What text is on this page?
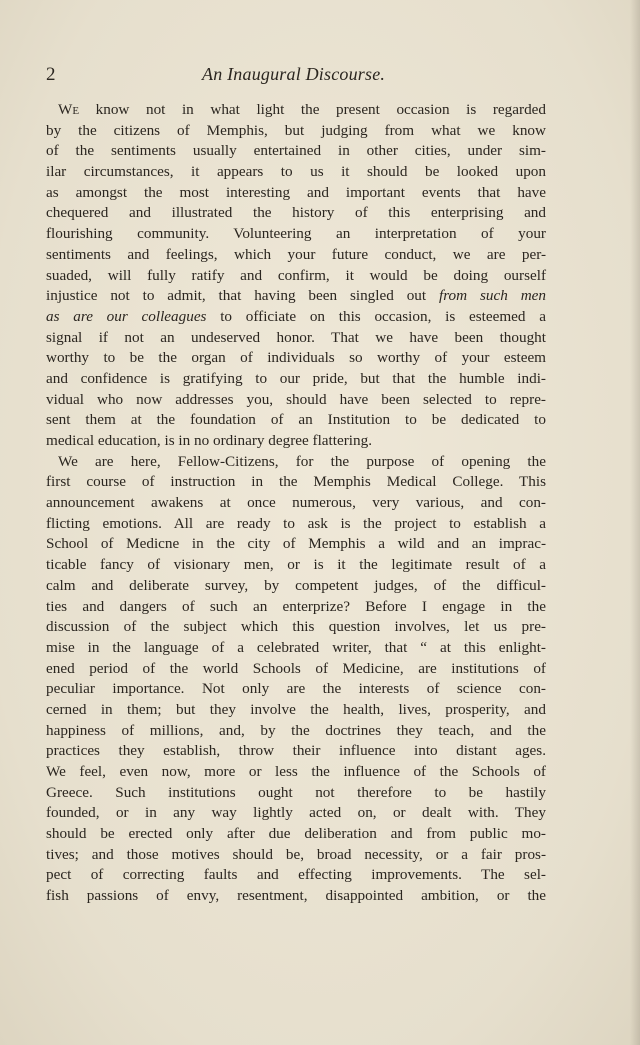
2	An Inaugural Discourse.
We know not in what light the present occasion is regarded
by the citizens of Memphis, but judging from what we know
of the sentiments usually entertained in other cities, under sim-
ilar circumstances, it appears to us it should be looked upon
as amongst the most interesting and important events that have
chequered and illustrated the history of this enterprising and
flourishing community. Volunteering an interpretation of your
sentiments and feelings, which your future conduct, we are per-
suaded, will fully ratify and confirm, it would be doing ourself
injustice not to admit, that having been singled out from such men
as are our colleagues to officiate on this occasion, is esteemed a
signal if not an undeserved honor. That we have been thought
worthy to be the organ of individuals so worthy of your esteem
and confidence is gratifying to our pride, but that the humble indi-
vidual who now addresses you, should have been selected to repre-
sent them at the foundation of an Institution to be dedicated to
medical education, is in no ordinary degree flattering.
We are here, Fellow-Citizens, for the purpose of opening the
first course of instruction in the Memphis Medical College. This
announcement awakens at once numerous, very various, and con-
flicting emotions. All are ready to ask is the project to establish a
School of Medicne in the city of Memphis a wild and an imprac-
ticable fancy of visionary men, or is it the legitimate result of a
calm and deliberate survey, by competent judges, of the difficul-
ties and dangers of such an enterprize? Before I engage in the
discussion of the subject which this question involves, let us pre-
mise in the language of a celebrated writer, that “ at this enlight-
ened period of the world Schools of Medicine, are institutions of
peculiar importance. Not only are the interests of science con-
cerned in them; but they involve the health, lives, prosperity, and
happiness of millions, and, by the doctrines they teach, and the
practices they establish, throw their influence into distant ages.
We feel, even now, more or less the influence of the Schools of
Greece. Such institutions ought not therefore to be hastily
founded, or in any way lightly acted on, or dealt with. They
should be erected only after due deliberation and from public mo-
tives; and those motives should be, broad necessity, or a fair pros-
pect of correcting faults and effecting improvements. The sel-
fish passions of envy, resentment, disappointed ambition, or the
